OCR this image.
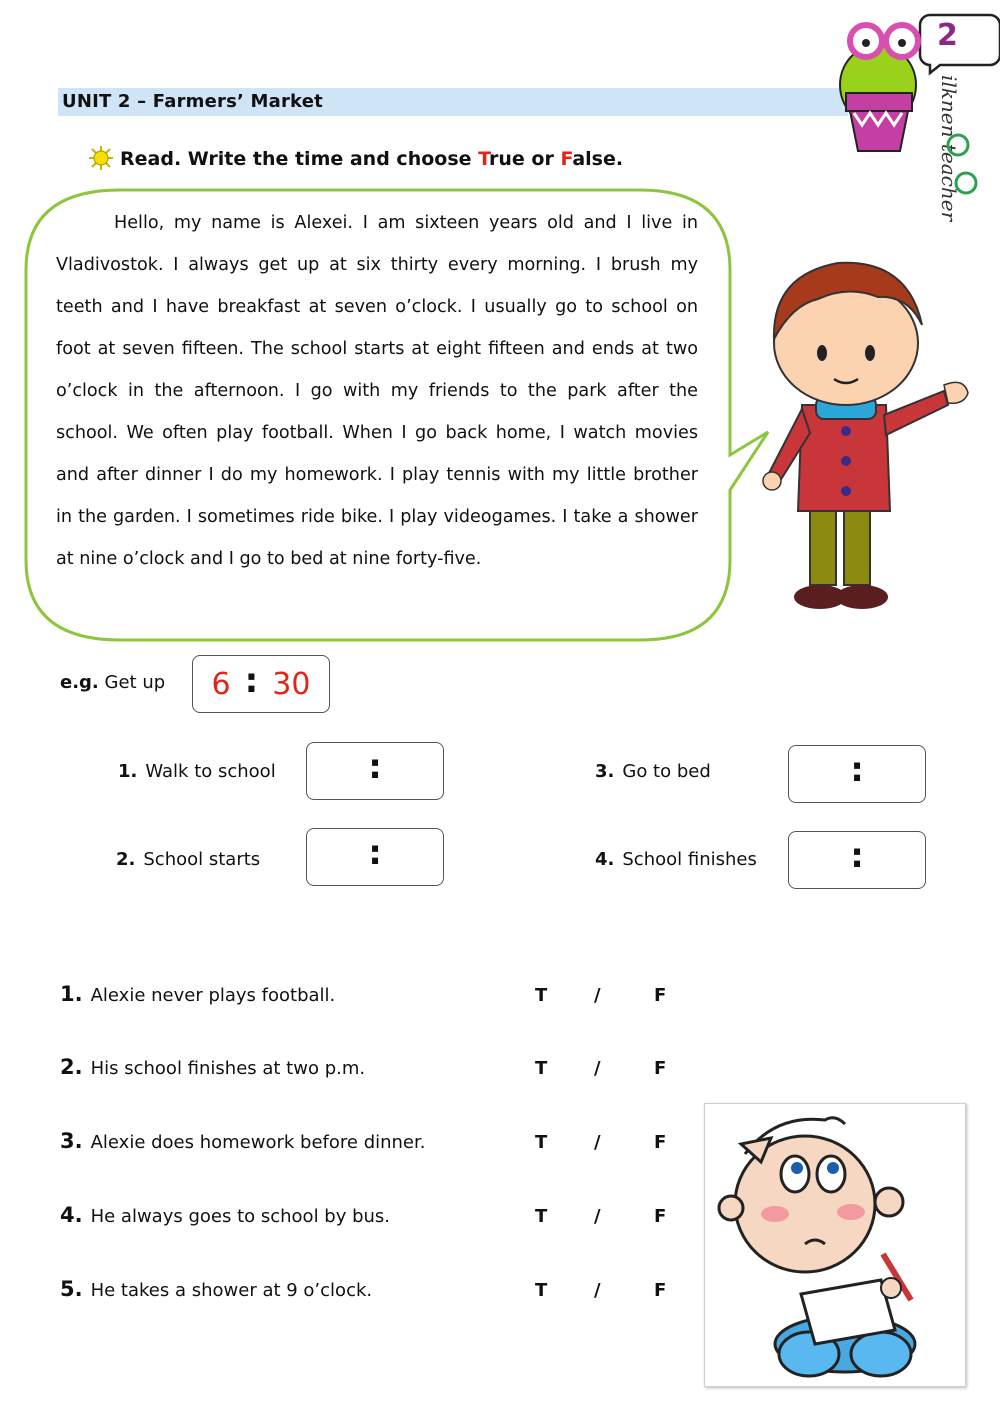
UNIT 2 – Farmers’ Market	ilknen teacher
2
Read. Write the time and choose True or False.

Hello, my name is Alexei. I am sixteen years old and I live in Vladivostok. I always get up at six thirty every morning. I brush my teeth and I have breakfast at seven o’clock. I usually go to school on foot at seven fifteen. The school starts at eight fifteen and ends at two o’clock in the afternoon. I go with my friends to the park after the school. We often play football. When I go back home, I watch movies and after dinner I do my homework. I play tennis with my little brother in the garden. I sometimes ride bike. I play videogames. I take a shower at nine o’clock and I go to bed at nine forty-five.

e.g. Get up 6 : 30
1. Walk to school	:
2. School starts	:
3. Go to bed	:
4. School finishes	:
1. Alexie never plays football.	T	/	F
2. His school finishes at two p.m.	T	/	F
3. Alexie does homework before dinner.	T	/	F
4. He always goes to school by bus.	T	/	F
5. He takes a shower at 9 o’clock.	T	/	F
